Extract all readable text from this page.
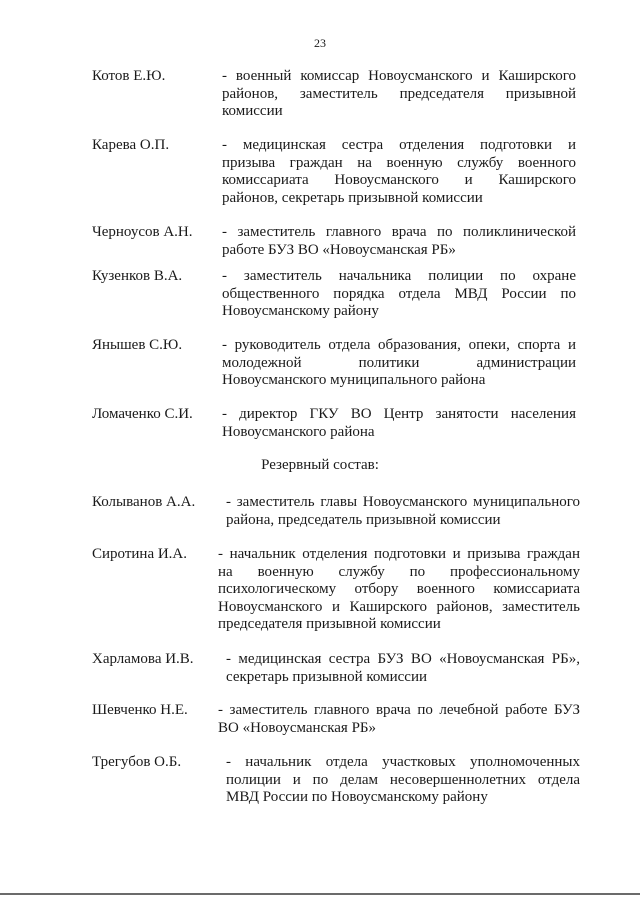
23
Котов Е.Ю.	- военный комиссар Новоусманского и Каширского
районов, заместитель председателя призывной
комиссии
Карева О.П.	- медицинская сестра отделения подготовки и
призыва граждан на военную службу военного
комиссариата Новоусманского и Каширского
районов, секретарь призывной комиссии
Черноусов А.Н. - заместитель главного врача по поликлинической
работе БУЗ ВО «Новоусманская РБ»
Кузенков В.А.	- заместитель начальника полиции по охране
общественного порядка отдела МВД России по
Новоусманскому району
Янышев С.Ю.	- руководитель отдела образования, опеки, спорта и
молодежной политики администрации
Новоусманского муниципального района
Ломаченко С.И. - директор ГКУ ВО Центр занятости населения
Новоусманского района
Резервный состав:
Колыванов А.А. - заместитель главы Новоусманского муниципального
района, председатель призывной комиссии
Сиротина И.А. - начальник отделения подготовки и призыва граждан
на военную службу по профессиональному
психологическому отбору военного комиссариата
Новоусманского и Каширского районов, заместитель
председателя призывной комиссии
Харламова И.В. - медицинская сестра БУЗ ВО «Новоусманская РБ»,
секретарь призывной комиссии
Шевченко Н.Е. - заместитель главного врача по лечебной работе БУЗ
ВО «Новоусманская РБ»
Трегубов О.Б.	- начальник отдела участковых уполномоченных
полиции и по делам несовершеннолетних отдела
МВД России по Новоусманскому району
